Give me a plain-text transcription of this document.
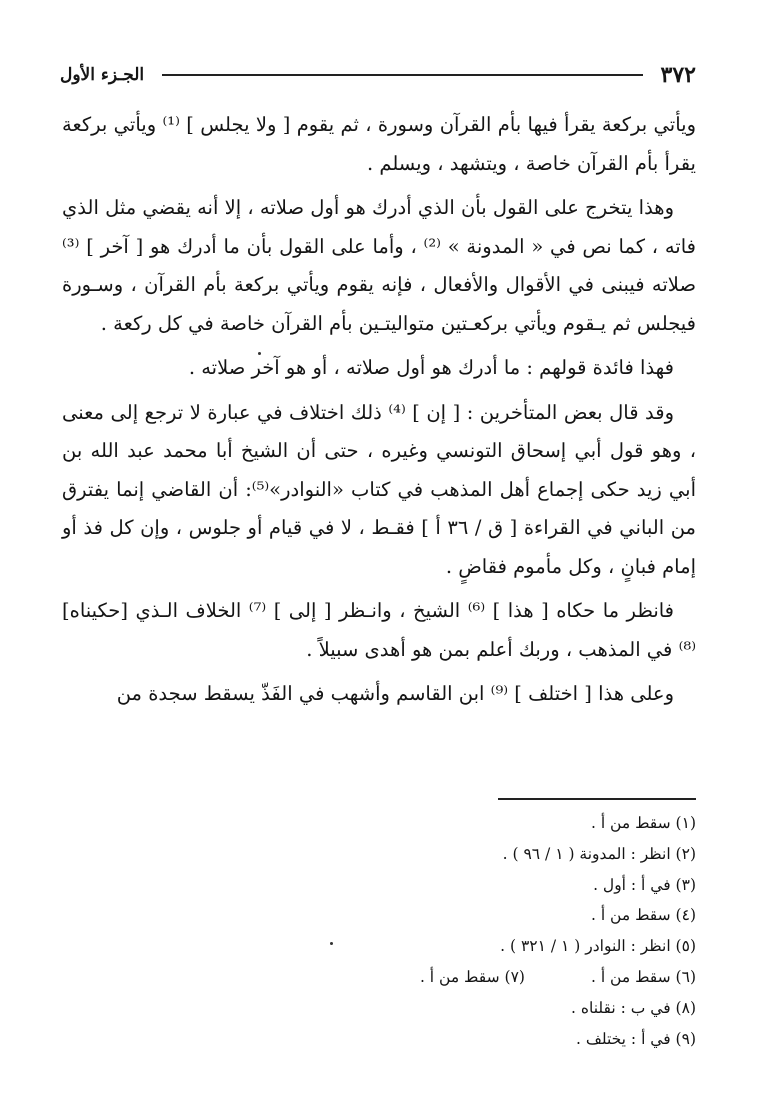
٣٧٢
الجـزء الأول

ويأتي بركعة يقرأ فيها بأم القرآن وسورة ، ثم يقوم [ ولا يجلس ] ⁽¹⁾ ويأتي بركعة يقرأ بأم القرآن خاصة ، ويتشهد ، ويسلم .

وهذا يتخرج على القول بأن الذي أدرك هو أول صلاته ، إلا أنه يقضي مثل الذي فاته ، كما نص في « المدونة » ⁽²⁾ ، وأما على القول بأن ما أدرك هو [ آخر ] ⁽³⁾ صلاته فيبنى في الأقوال والأفعال ، فإنه يقوم ويأتي بركعة بأم القرآن ، وسـورة فيجلس ثم يـقوم ويأتي بركعـتين متواليتـين بأم القرآن خاصة في كل ركعة .

فهذا فائدة قولهم : ما أدرك هو أول صلاته ، أو هو آخر صلاته .

وقد قال بعض المتأخرين : [ إن ] ⁽⁴⁾ ذلك اختلاف في عبارة لا ترجع إلى معنى ، وهو قول أبي إسحاق التونسي وغيره ، حتى أن الشيخ أبا محمد عبد الله بن أبي زيد حكى إجماع أهل المذهب في كتاب «النوادر»⁽⁵⁾: أن القاضي إنما يفترق من الباني في القراءة [ ق / ٣٦ أ ] فقـط ، لا في قيام أو جلوس ، وإن كل فذ أو إمام فبانٍ ، وكل مأموم فقاضٍ .

فانظر ما حكاه [ هذا ] ⁽⁶⁾ الشيخ ، وانـظر [ إلى ] ⁽⁷⁾ الخلاف الـذي [حكيناه] ⁽⁸⁾ في المذهب ، وربك أعلم بمن هو أهدى سبيلاً .

وعلى هذا [ اختلف ] ⁽⁹⁾ ابن القاسم وأشهب في الفَذّ يسقط سجدة من

(١) سقط من أ .
(٢) انظر : المدونة ( ١ / ٩٦ ) .
(٣) في أ : أول .
(٤) سقط من أ .
(٥) انظر : النوادر ( ١ / ٣٢١ ) .
(٦) سقط من أ .
(٧) سقط من أ .
(٨) في ب : نقلناه .
(٩) في أ : يختلف .
